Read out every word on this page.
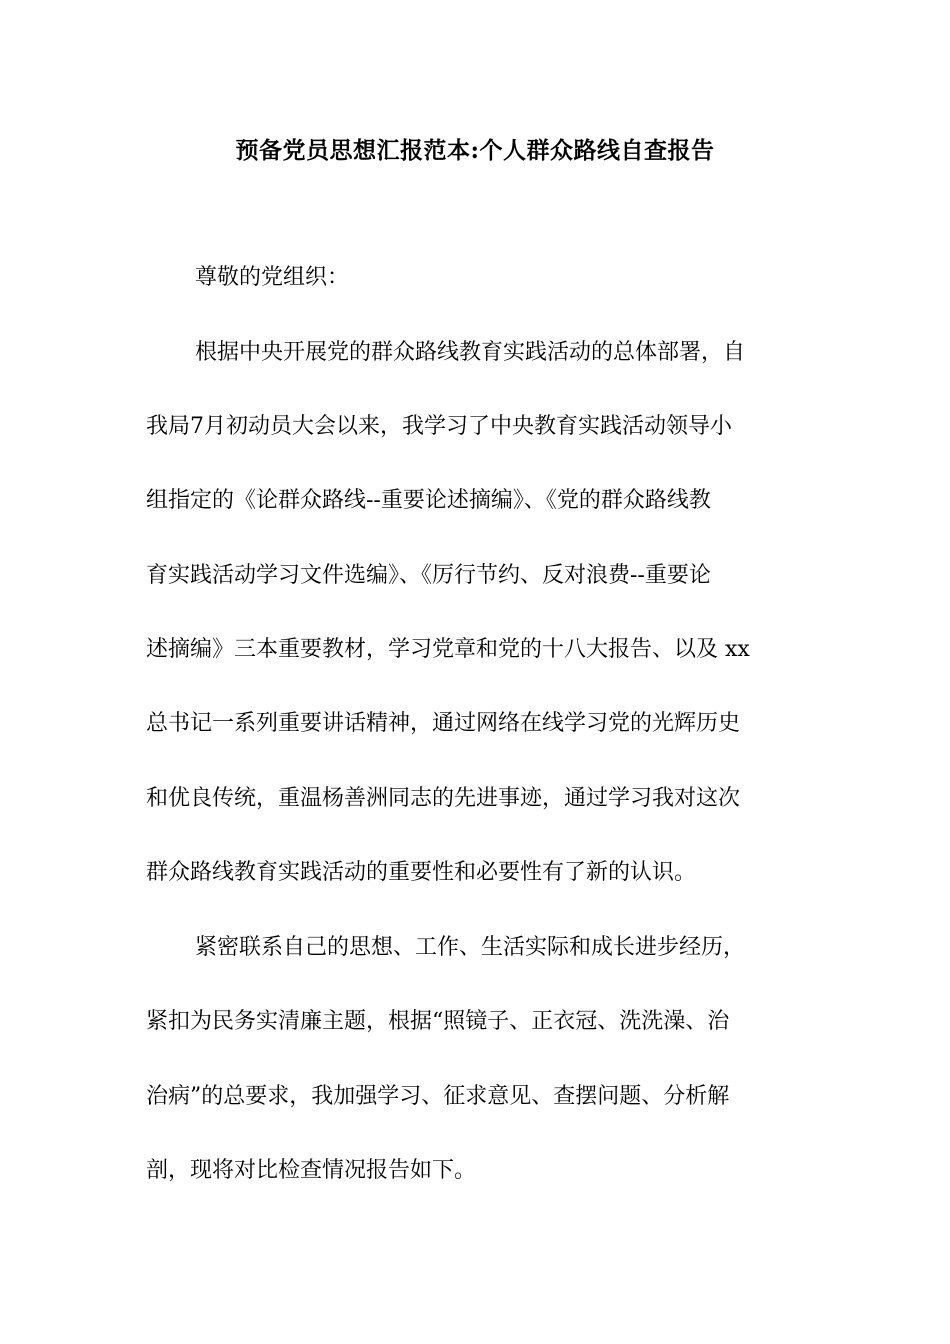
预备党员思想汇报范本:个人群众路线自查报告
尊敬的党组织：
根据中央开展党的群众路线教育实践活动的总体部署，自
我局7月初动员大会以来，我学习了中央教育实践活动领导小
组指定的《论群众路线--重要论述摘编》、《党的群众路线教
育实践活动学习文件选编》、《厉行节约、反对浪费--重要论
述摘编》三本重要教材，学习党章和党的十八大报告、以及 xx
总书记一系列重要讲话精神，通过网络在线学习党的光辉历史
和优良传统，重温杨善洲同志的先进事迹，通过学习我对这次
群众路线教育实践活动的重要性和必要性有了新的认识。
紧密联系自己的思想、工作、生活实际和成长进步经历，
紧扣为民务实清廉主题，根据“照镜子、正衣冠、洗洗澡、治
治病”的总要求，我加强学习、征求意见、查摆问题、分析解
剖，现将对比检查情况报告如下。
